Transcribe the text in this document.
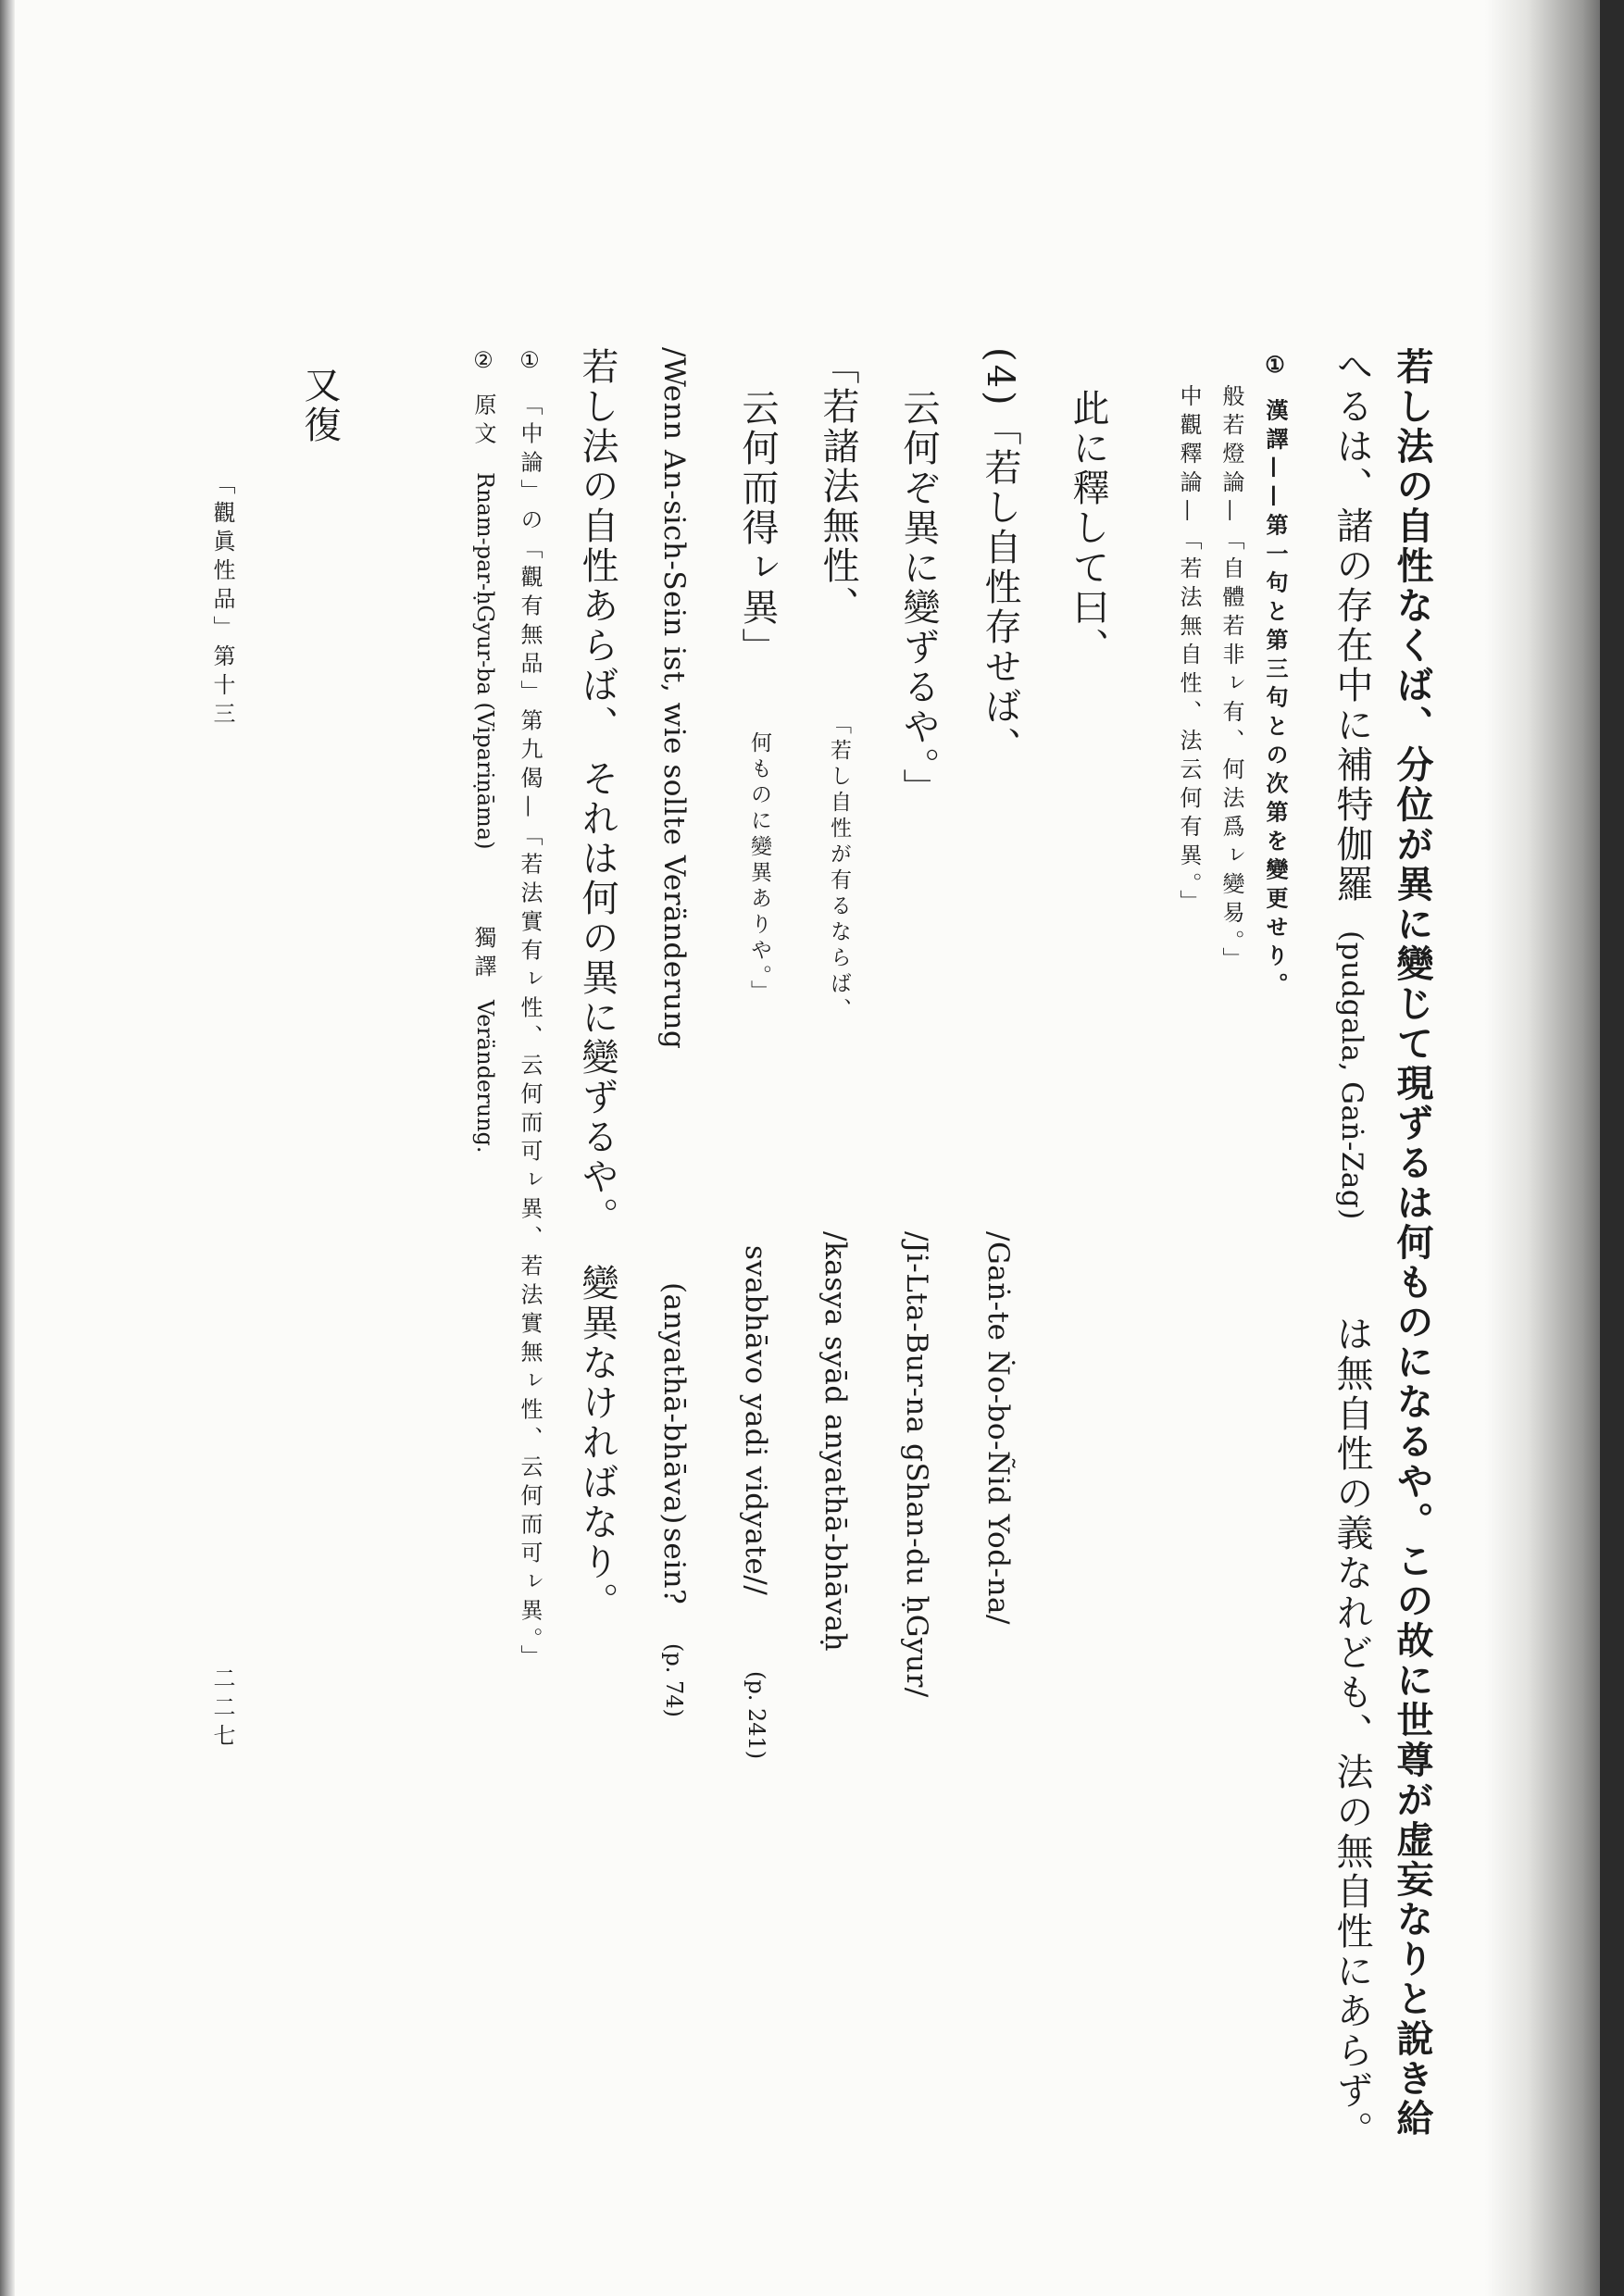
若し法の自性なくば、分位が異に變じて現ずるは何ものになるや。この故に世尊が虚妄なりと說き給
へるは、諸の存在中に補特伽羅
(pudgala, Gaṅ-Zag)
は無自性の義なれども、法の無自性にあらず。
① 漢譯——第一句と第三句との次第を變更せり。
般若燈論—「自體若非ㇾ有、何法爲ㇾ變易。」
中觀釋論—「若法無自性、法云何有異。」
此に釋して曰、
(4)「若し自性存せば、
云何ぞ異に變ずるや。」
/Gaṅ-te Ṅo-bo-Ñid Yod-na/
/Ji-Lta-Bur-na gShan-du ḥGyur/
「若諸法無性、
「若し自性が有るならば、
/kasya syād anyathā-bhāvaḥ
云何而得ㇾ異」
何ものに變異ありや。」
svabhāvo yadi vidyate//
(p. 241)
/Wenn An-sich-Sein ist, wie sollte Veränderung
(anyathā-bhāva)
sein?
(p. 74)
若し法の自性あらば、
それは何の異に變ずるや。
變異なければなり。
① 「中論」の「觀有無品」第九偈—「若法實有ㇾ性、云何而可ㇾ異、若法實無ㇾ性、云何而可ㇾ異。」
② 原文
Rnam-par-ḥGyur-ba (Vipariṇāma)
獨譯
Veränderung.
又復
「觀眞性品」第十三
二二七
